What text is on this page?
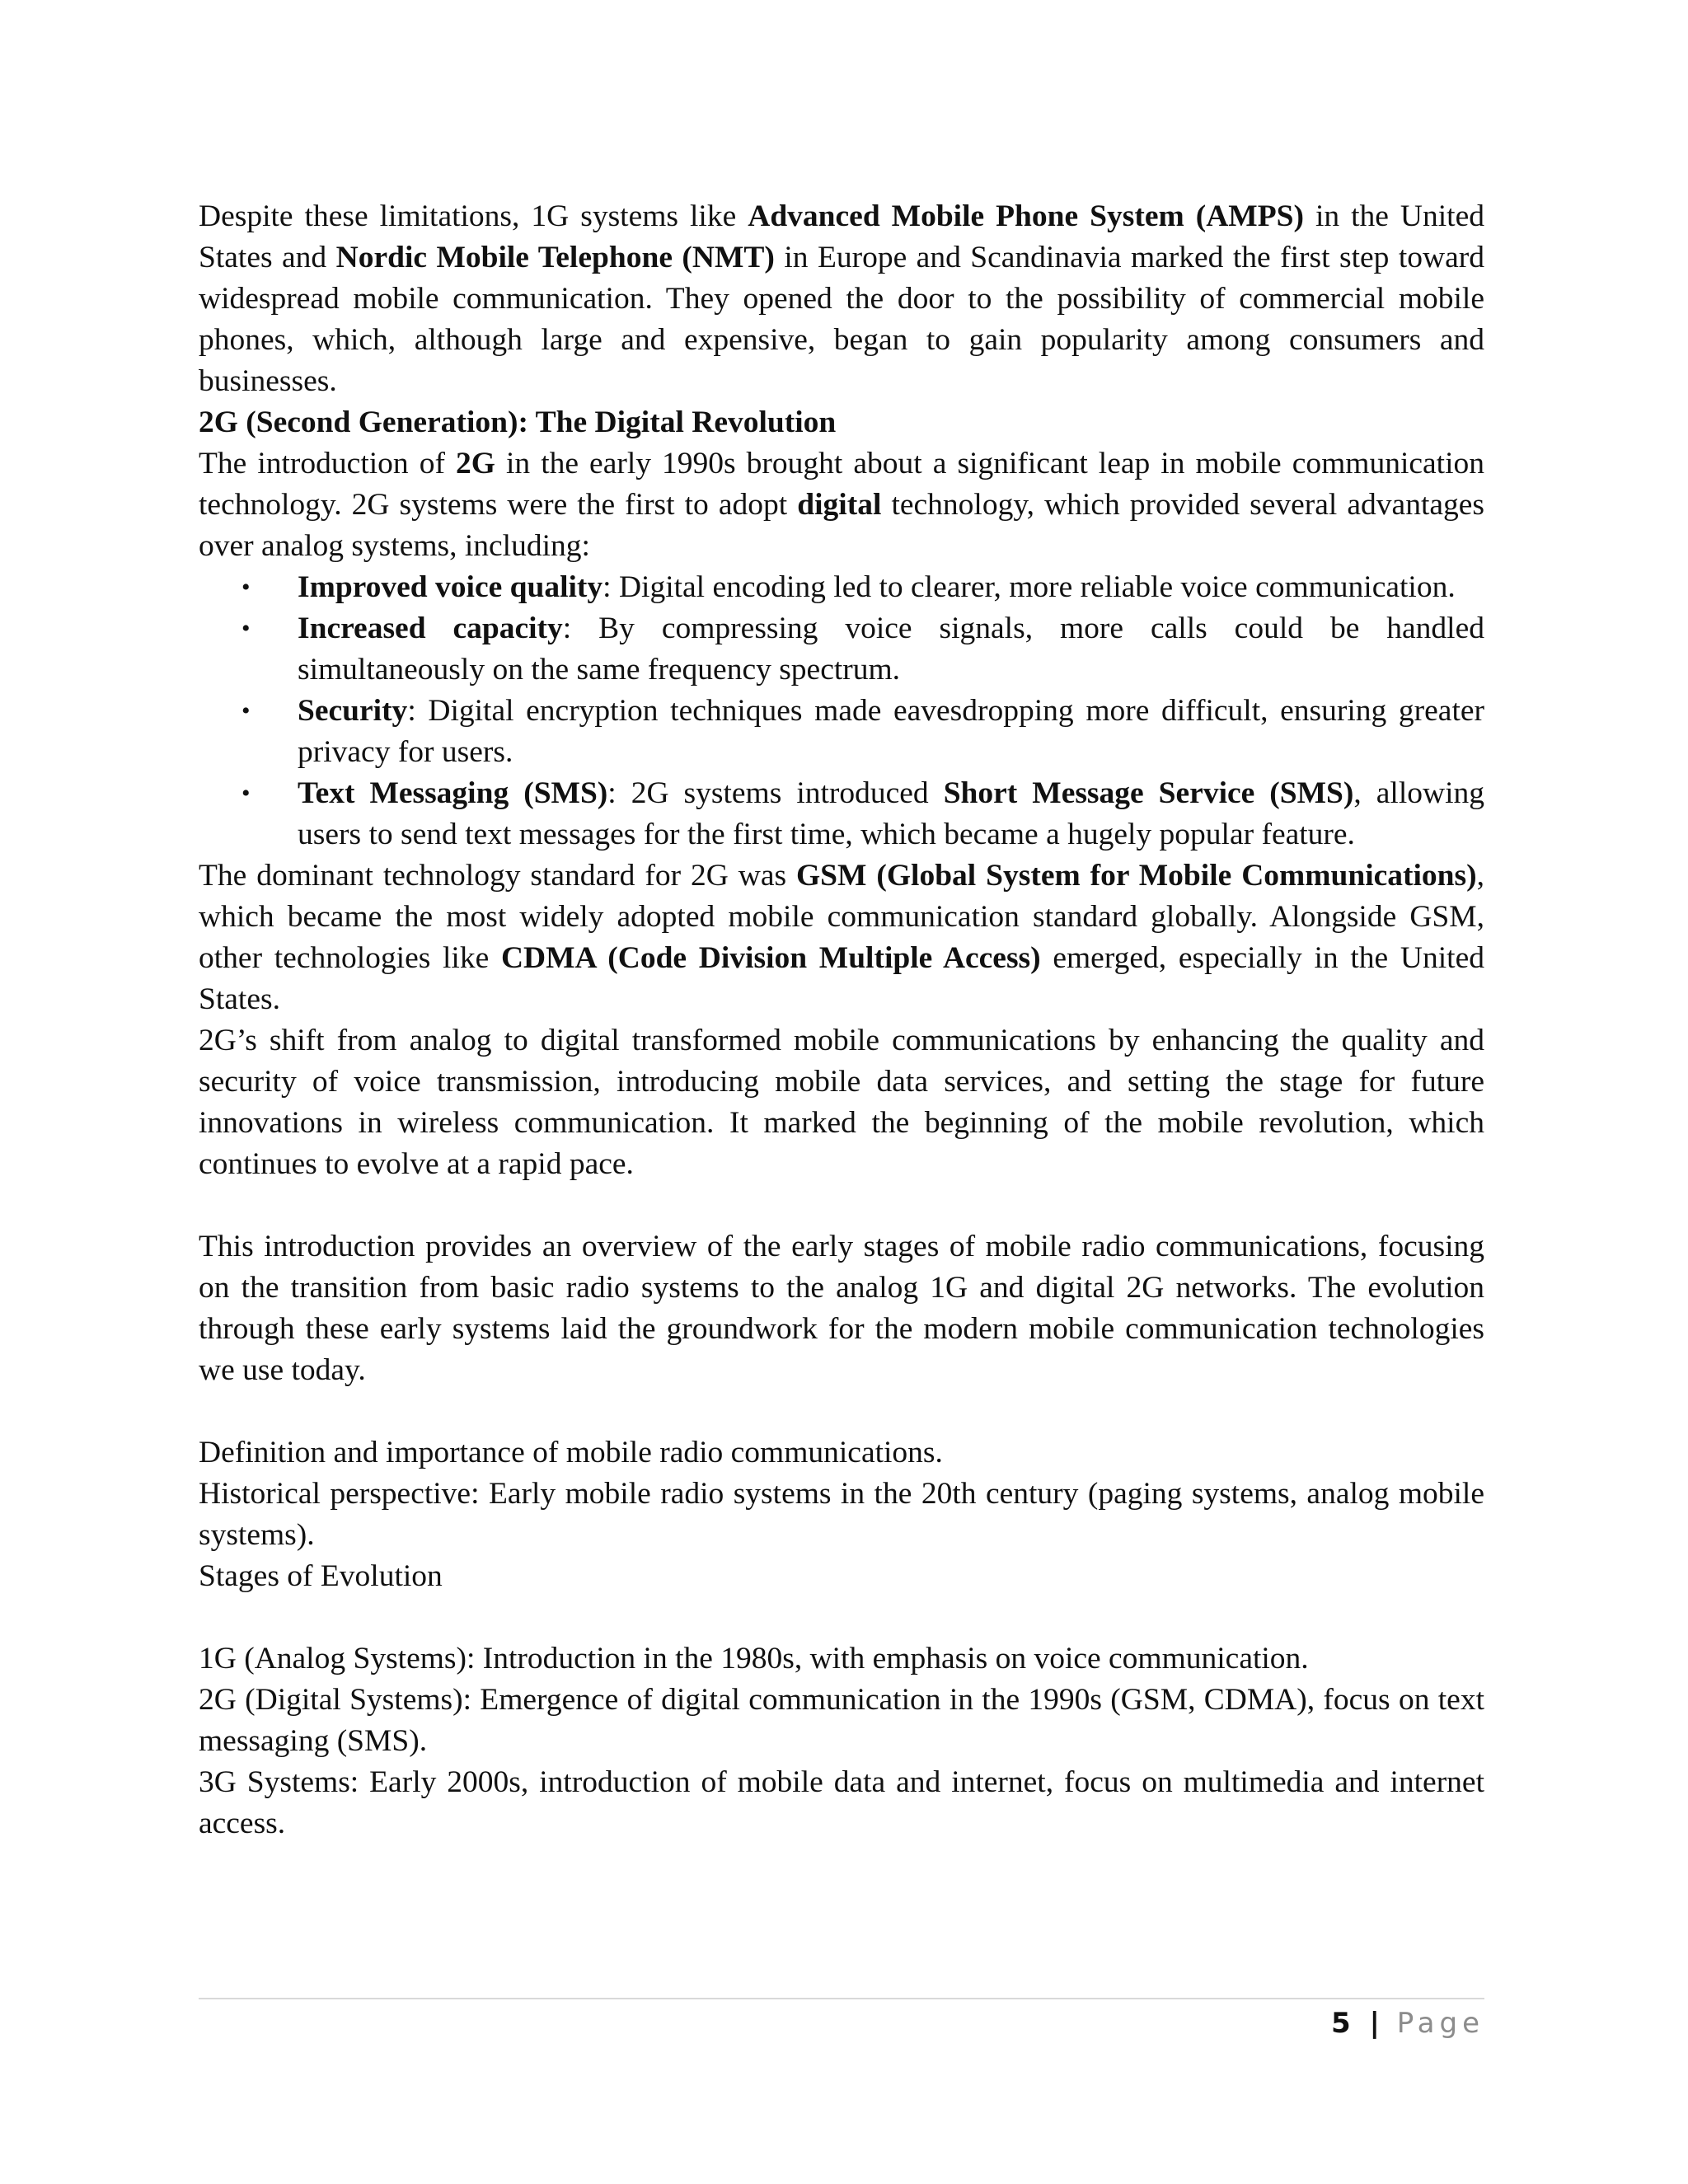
Despite these limitations, 1G systems like Advanced Mobile Phone System (AMPS) in the United States and Nordic Mobile Telephone (NMT) in Europe and Scandinavia marked the first step toward widespread mobile communication. They opened the door to the possibility of commercial mobile phones, which, although large and expensive, began to gain popularity among consumers and businesses.

2G (Second Generation): The Digital Revolution

The introduction of 2G in the early 1990s brought about a significant leap in mobile communication technology. 2G systems were the first to adopt digital technology, which provided several advantages over analog systems, including:

• Improved voice quality: Digital encoding led to clearer, more reliable voice communication.
• Increased capacity: By compressing voice signals, more calls could be handled simultaneously on the same frequency spectrum.
• Security: Digital encryption techniques made eavesdropping more difficult, ensuring greater privacy for users.
• Text Messaging (SMS): 2G systems introduced Short Message Service (SMS), allowing users to send text messages for the first time, which became a hugely popular feature.

The dominant technology standard for 2G was GSM (Global System for Mobile Communications), which became the most widely adopted mobile communication standard globally. Alongside GSM, other technologies like CDMA (Code Division Multiple Access) emerged, especially in the United States.

2G’s shift from analog to digital transformed mobile communications by enhancing the quality and security of voice transmission, introducing mobile data services, and setting the stage for future innovations in wireless communication. It marked the beginning of the mobile revolution, which continues to evolve at a rapid pace.

This introduction provides an overview of the early stages of mobile radio communications, focusing on the transition from basic radio systems to the analog 1G and digital 2G networks. The evolution through these early systems laid the groundwork for the modern mobile communication technologies we use today.

Definition and importance of mobile radio communications.

Historical perspective: Early mobile radio systems in the 20th century (paging systems, analog mobile systems).

Stages of Evolution

1G (Analog Systems): Introduction in the 1980s, with emphasis on voice communication.

2G (Digital Systems): Emergence of digital communication in the 1990s (GSM, CDMA), focus on text messaging (SMS).

3G Systems: Early 2000s, introduction of mobile data and internet, focus on multimedia and internet access.

5 | Page
